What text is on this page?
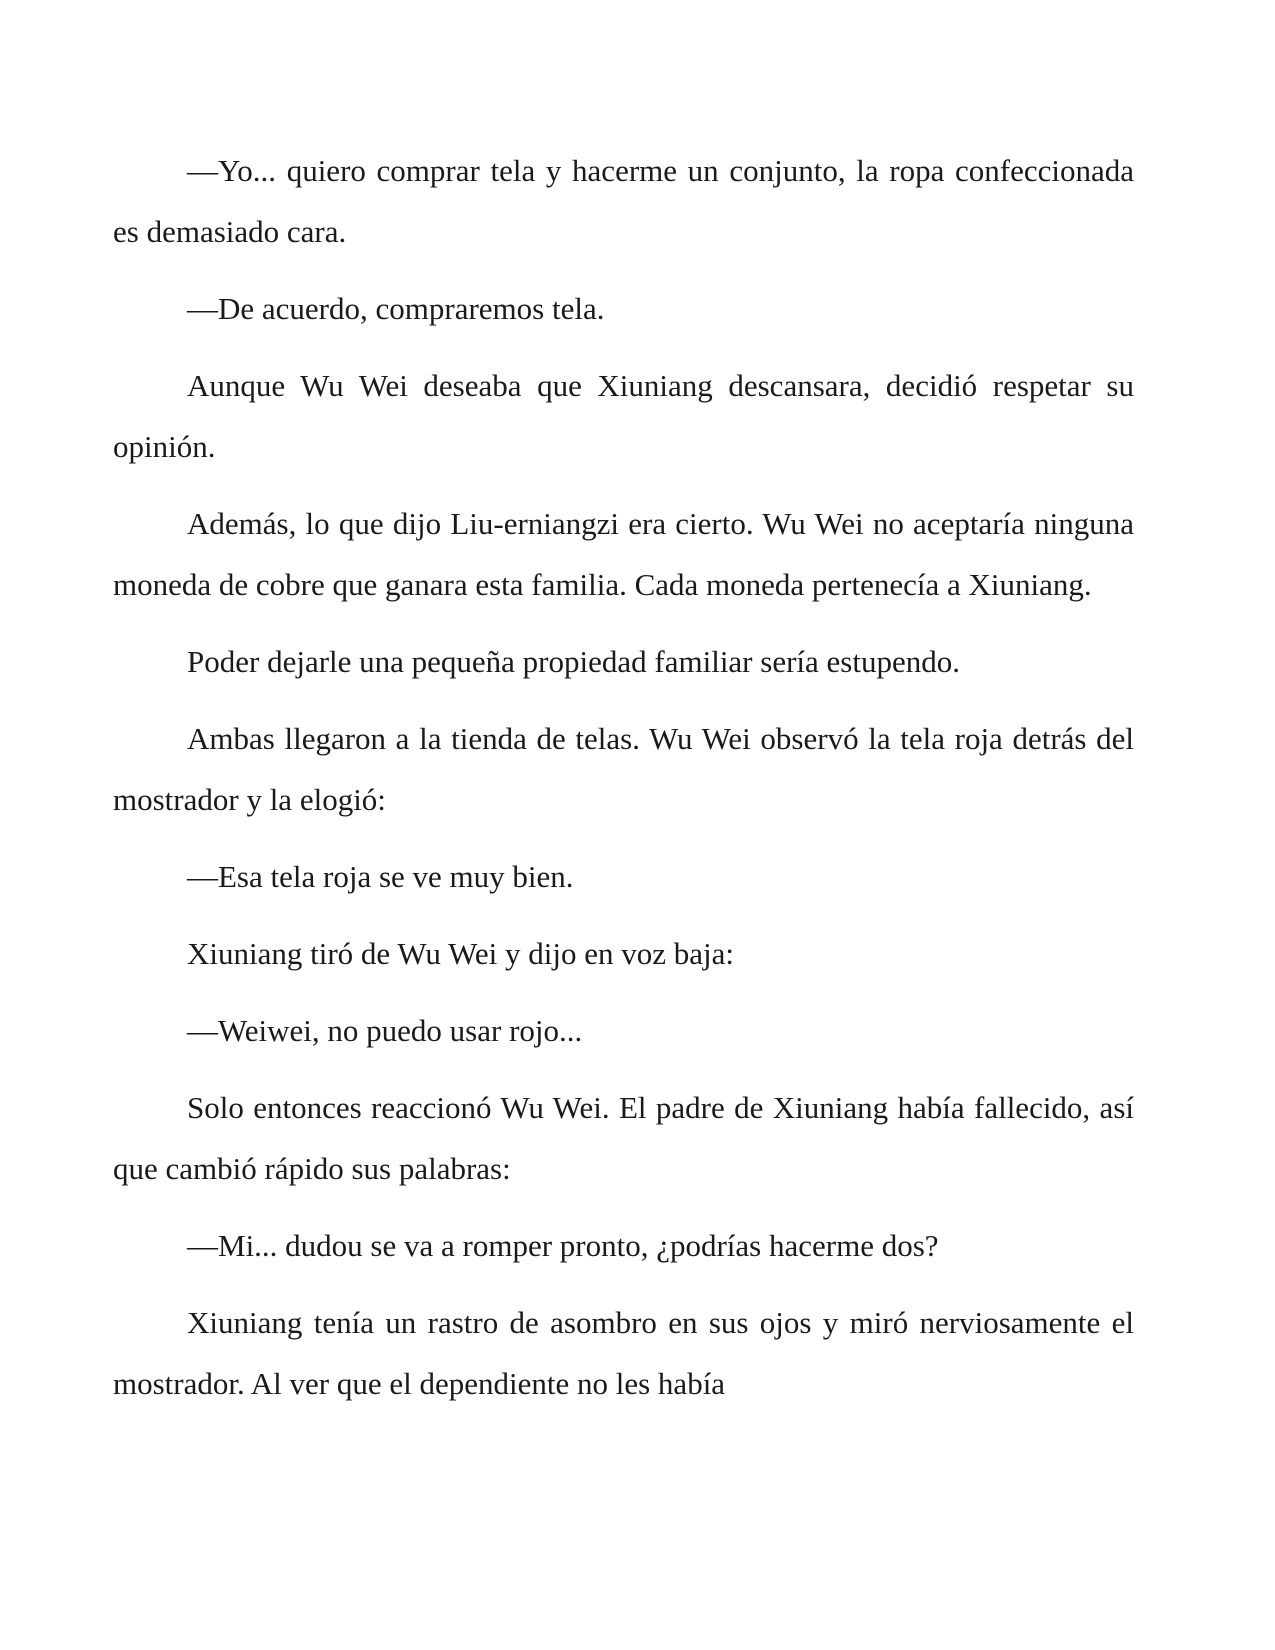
—Yo... quiero comprar tela y hacerme un conjunto, la ropa confeccionada es demasiado cara.

—De acuerdo, compraremos tela.

Aunque Wu Wei deseaba que Xiuniang descansara, decidió respetar su opinión.

Además, lo que dijo Liu-erniangzi era cierto. Wu Wei no aceptaría ninguna moneda de cobre que ganara esta familia. Cada moneda pertenecía a Xiuniang.

Poder dejarle una pequeña propiedad familiar sería estupendo.

Ambas llegaron a la tienda de telas. Wu Wei observó la tela roja detrás del mostrador y la elogió:

—Esa tela roja se ve muy bien.

Xiuniang tiró de Wu Wei y dijo en voz baja:

—Weiwei, no puedo usar rojo...

Solo entonces reaccionó Wu Wei. El padre de Xiuniang había fallecido, así que cambió rápido sus palabras:

—Mi... dudou se va a romper pronto, ¿podrías hacerme dos?

Xiuniang tenía un rastro de asombro en sus ojos y miró nerviosamente el mostrador. Al ver que el dependiente no les había
